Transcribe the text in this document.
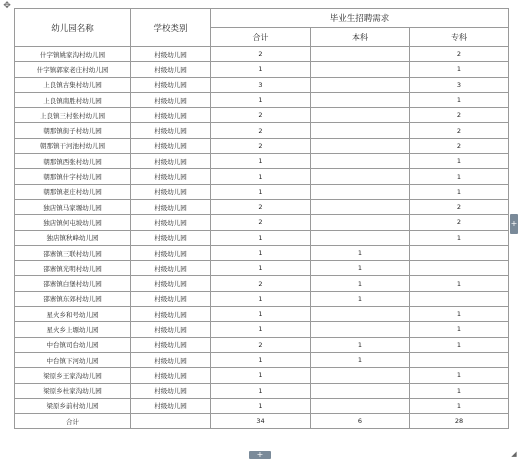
✥
幼儿园名称	学校类别	毕业生招聘需求		
		合计	本科	专科
什字镇姚家沟村幼儿园	村级幼儿园	2		2
什字镇郭家老庄村幼儿园	村级幼儿园	1		1
上良镇古集村幼儿园	村级幼儿园	3		3
上良镇南胜村幼儿园	村级幼儿园	1		1
上良镇三村张村幼儿园	村级幼儿园	2		2
朝那镇街子村幼儿园	村级幼儿园	2		2
朝那镇干河池村幼儿园	村级幼儿园	2		2
朝那镇西张村幼儿园	村级幼儿园	1		1
朝那镇什字村幼儿园	村级幼儿园	1		1
朝那镇老庄村幼儿园	村级幼儿园	1		1
独店镇马家塬幼儿园	村级幼儿园	2		2
独店镇何屯坡幼儿园	村级幼儿园	2		2
独店镇秋峰幼儿园	村级幼儿园	1		1
邵寨镇三联村幼儿园	村级幼儿园	1	1	
邵寨镇光明村幼儿园	村级幼儿园	1	1	
邵寨镇白堡村幼儿园	村级幼儿园	2	1	1
邵寨镇东郊村幼儿园	村级幼儿园	1	1	
星火乡和号幼儿园	村级幼儿园	1		1
星火乡上塬幼儿园	村级幼儿园	1		1
中台镇司台幼儿园	村级幼儿园	2	1	1
中台镇下河幼儿园	村级幼儿园	1	1	
梁原乡王家沟幼儿园	村级幼儿园	1		1
梁原乡杜家沟幼儿园	村级幼儿园	1		1
梁原乡前村幼儿园	村级幼儿园	1		1
合计		34	6	28
+
+	◢
